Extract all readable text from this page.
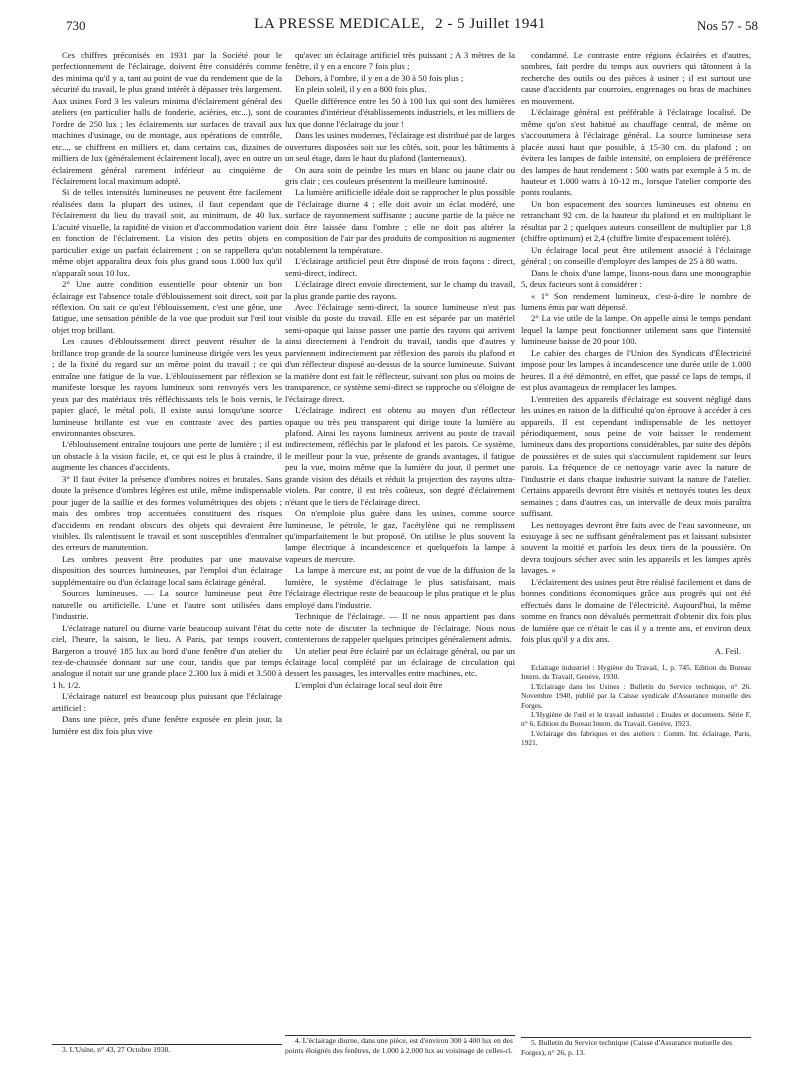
730	LA PRESSE MEDICALE, 2 - 5 Juillet 1941	Nos 57 - 58

Ces chiffres préconisés en 1931 par la Société pour le perfectionnement de l'éclairage, doivent être considérés comme des minima qu'il y a, tant au point de vue du rendement que de la sécurité du travail, le plus grand intérêt à dépasser très largement. Aux usines Ford 3 les valeurs minima d'éclairement général des ateliers (en particulier halls de fonderie, aciéries, etc...), sont de l'ordre de 250 lux ; les éclairements sur surfaces de travail aux machines d'usinage, ou de montage, aux opérations de contrôle, etc..., se chiffrent en milliers et, dans certains cas, dizaines de milliers de lux (généralement éclairement local), avec en outre un éclairement général rarement inférieur au cinquième de l'éclairement local maximum adopté.

Si de telles intensités lumineuses ne peuvent être facilement réalisées dans la plupart des usines, il faut cependant que l'éclairement du lieu du travail soit, au minimum, de 40 lux. L'acuité visuelle, la rapidité de vision et d'accommodation varient en fonction de l'éclairement. La vision des petits objets en particulier exige un parfait éclairement ; on se rappellera qu'un même objet apparaîtra deux fois plus grand sous 1.000 lux qu'il n'apparaît sous 10 lux.

2° Une autre condition essentielle pour obtenir un bon éclairage est l'absence totale d'éblouissement soit direct, soit par réflexion. On sait ce qu'est l'éblouissement, c'est une gêne, une fatigue, une sensation pénible de la vue que produit sur l'œil tout objet trop brillant.

Les causes d'éblouissement direct peuvent résulter de la brillance trop grande de la source lumineuse dirigée vers les yeux ; de la fixité du regard sur un même point du travail ; ce qui entraîne une fatigue de la vue. L'éblouissement par réflexion se manifeste lorsque les rayons lumineux sont renvoyés vers les yeux par des matériaux très réfléchissants tels le bois vernis, le papier glacé, le métal poli. Il existe aussi lorsqu'une source lumineuse brillante est vue en contraste avec des parties environnantes obscures.

L'éblouissement entraîne toujours une perte de lumière ; il est un obstacle à la vision facile, et, ce qui est le plus à craindre, il augmente les chances d'accidents.

3° Il faut éviter la présence d'ombres noires et brutales. Sans doute la présence d'ombres légères est utile, même indispensable pour juger de la saillie et des formes volumétriques des objets ; mais des ombres trop accentuées constituent des risques d'accidents en rendant obscurs des objets qui devraient être visibles. Ils ralentissent le travail et sont susceptibles d'entraîner des erreurs de manutention.

Les ombres peuvent être produites par une mauvaise disposition des sources lumineuses, par l'emploi d'un éclairage supplémentaire ou d'un éclairage local sans éclairage général.

Sources lumineuses. — La source lumineuse peut être naturelle ou artificielle. L'une et l'autre sont utilisées dans l'industrie.

L'éclairage naturel ou diurne varie beaucoup suivant l'état du ciel, l'heure, la saison, le lieu. A Paris, par temps couvert, Bargeron a trouvé 185 lux au bord d'une fenêtre d'un atelier du rez-de-chaussée donnant sur une cour, tandis que par temps analogue il notait sur une grande place 2.300 lux à midi et 3.500 à 1 h. 1/2.

L'éclairage naturel est beaucoup plus puissant que l'éclairage artificiel :

Dans une pièce, près d'une fenêtre exposée en plein jour, la lumière est dix fois plus vive

3. L'Usine, n° 43, 27 Octobre 1938.

qu'avec un éclairage artificiel très puissant ; A 3 mètres de la fenêtre, il y en a encore 7 fois plus ;

Dehors, à l'ombre, il y en a de 30 à 50 fois plus ;

En plein soleil, il y en a 800 fois plus.

Quelle différence entre les 50 à 100 lux qui sont des lumières courantes d'intérieur d'établissements industriels, et les milliers de lux que donne l'éclairage du jour !

Dans les usines modernes, l'éclairage est distribué par de larges ouvertures disposées soit sur les côtés, soit, pour les bâtiments à un seul étage, dans le haut du plafond (lanterneaux).

On aura soin de peindre les murs en blanc ou jaune clair ou gris clair ; ces couleurs présentent la meilleure luminosité.

La lumière artificielle idéale doit se rapprocher le plus possible de l'éclairage diurne 4 ; elle doit avoir un éclat modéré, une surface de rayonnement suffisante ; aucune partie de la pièce ne doit être laissée dans l'ombre ; elle ne doit pas altérer la composition de l'air par des produits de composition ni augmenter notablement la température.

L'éclairage artificiel peut être disposé de trois façons : direct, semi-direct, indirect.

L'éclairage direct envoie directement, sur le champ du travail, la plus grande partie des rayons.

Avec l'éclairage semi-direct, la source lumineuse n'est pas visible du poste du travail. Elle en est séparée par un matériel semi-opaque qui laisse passer une partie des rayons qui arrivent ainsi directement à l'endroit du travail, tandis que d'autres y parviennent indirectement par réflexion des parois du plafond et d'un réflecteur disposé au-dessus de la source lumineuse. Suivant la matière dont est fait le réflecteur, suivant son plus ou moins de transparence, ce système semi-direct se rapproche ou s'éloigne de l'éclairage direct.

L'éclairage indirect est obtenu au moyen d'un réflecteur opaque ou très peu transparent qui dirige toute la lumière au plafond. Ainsi les rayons lumineux arrivent au poste de travail indirectement, réfléchis par le plafond et les parois. Ce système, le meilleur pour la vue, présente de grands avantages, il fatigue peu la vue, moins même que la lumière du jour, il permet une grande vision des détails et réduit la projection des rayons ultra-violets. Par contre, il est très coûteux, son degré d'éclairement n'étant que le tiers de l'éclairage direct.

On n'emploie plus guère dans les usines, comme source lumineuse, le pétrole, le gaz, l'acétylène qui ne remplissent qu'imparfaitement le but proposé. On utilise le plus souvent la lampe électrique à incandescence et quelquefois la lampe à vapeurs de mercure.

La lampe à mercure est, au point de vue de la diffusion de la lumière, le système d'éclairage le plus satisfaisant, mais l'éclairage électrique reste de beaucoup le plus pratique et le plus employé dans l'industrie.

Technique de l'éclairage. — Il ne nous appartient pas dans cette note de discuter la technique de l'éclairage. Nous nous contenterons de rappeler quelques principes généralement admis.

Un atelier peut être éclairé par un éclairage général, ou par un éclairage local complété par un éclairage de circulation qui dessert les passages, les intervalles entre machines, etc.

L'emploi d'un éclairage local seul doit être

4. L'éclairage diurne, dans une pièce, est d'environ 300 à 400 lux en des points éloignés des fenêtres, de 1.000 à 2.000 lux au voisinage de celles-ci.

condamné. Le contraste entre régions éclairées et d'autres, sombres, fait perdre du temps aux ouvriers qui tâtonnent à la recherche des outils ou des pièces à usiner ; il est surtout une cause d'accidents par courroies, engrenages ou bras de machines en mouvement.

L'éclairage général est préférable à l'éclairage localisé. De même qu'on s'est habitué au chauffage central, de même on s'accoutumera à l'éclairage général. La source lumineuse sera placée aussi haut que possible, à 15-30 cm. du plafond ; on évitera les lampes de faible intensité, on emploiera de préférence des lampes de haut rendement : 500 watts par exemple à 5 m. de hauteur et 1.000 watts à 10-12 m., lorsque l'atelier comporte des ponts roulants.

Un bon espacement des sources lumineuses est obtenu en retranchant 92 cm. de la hauteur du plafond et en multipliant le résultat par 2 ; quelques auteurs conseillent de multiplier par 1,8 (chiffre optimum) et 2,4 (chiffre limite d'espacement toléré).

Un éclairage local peut être utilement associé à l'éclairage général ; on conseille d'employer des lampes de 25 à 80 watts.

Dans le choix d'une lampe, lisons-nous dans une monographie 5, deux facteurs sont à considérer :

« 1° Son rendement lumineux, c'est-à-dire le nombre de lumens émis par watt dépensé.

2° La vie utile de la lampe. On appelle ainsi le temps pendant lequel la lampe peut fonctionner utilement sans que l'intensité lumineuse baisse de 20 pour 100.

Le cahier des charges de l'Union des Syndicats d'Électricité impose pour les lampes à incandescence une durée utile de 1.000 heures. Il a été démontré, en effet, que passé ce laps de temps, il est plus avantageux de remplacer les lampes.

L'entretien des appareils d'éclairage est souvent négligé dans les usines en raison de la difficulté qu'on éprouve à accéder à ces appareils. Il est cependant indispensable de les nettoyer périodiquement, sous peine de voir baisser le rendement lumineux dans des proportions considérables, par suite des dépôts de poussières et de suies qui s'accumulent rapidement sur leurs parois. La fréquence de ce nettoyage varie avec la nature de l'industrie et dans chaque industrie suivant la nature de l'atelier. Certains appareils devront être visités et nettoyés toutes les deux semaines ; dans d'autres cas, un intervalle de deux mois paraîtra suffisant.

Les nettoyages devront être faits avec de l'eau savonneuse, un essuyage à sec ne suffisant généralement pas et laissant subsister souvent la moitié et parfois les deux tiers de la poussière. On devra toujours sécher avec soin les appareils et les lampes après lavages. »

L'éclairement des usines peut être réalisé facilement et dans de bonnes conditions économiques grâce aux progrès qui ont été effectués dans le domaine de l'électricité. Aujourd'hui, la même somme en francs non dévalués permettrait d'obtenir dix fois plus de lumière que ce n'était le cas il y a trente ans, et environ deux fois plus qu'il y a dix ans.

A. Feil.

Eclairage industriel : Hygiène du Travail, 1, p. 745. Edition du Bureau Intern. du Travail, Genève, 1930.

L'Eclairage dans les Usines : Bulletin du Service technique, n° 26. Novembre 1940, publié par la Caisse syndicale d'Assurance mutuelle des Forges.

L'Hygiène de l'œil et le travail industriel : Etudes et documents. Série F, n° 6, Edition du Bureau Intern. du Travail. Genève, 1923.

L'éclairage des fabriques et des ateliers : Comm. Int. éclairage, Paris, 1921.

5. Bulletin du Service technique (Caisse d'Assurance mutuelle des Forges), n° 26, p. 13.
